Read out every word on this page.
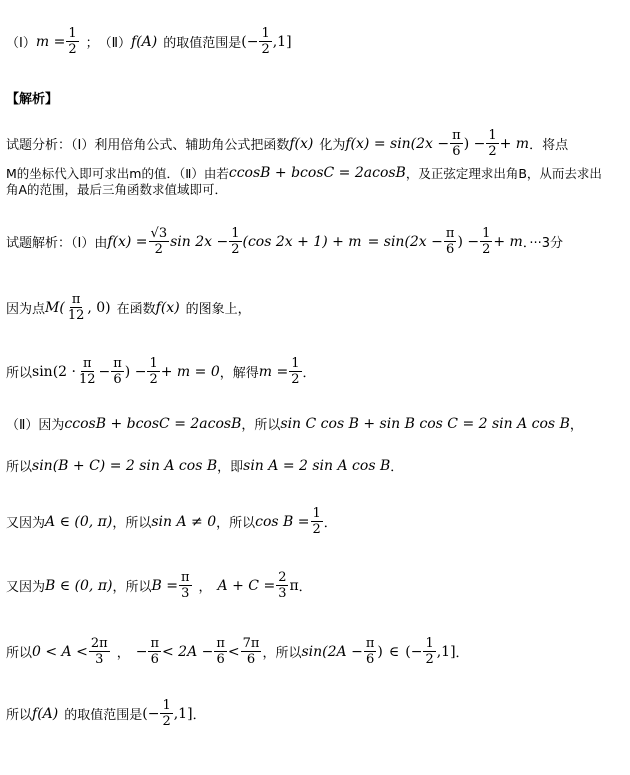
（Ⅰ） $m = \frac{1}{2}$ ； （Ⅱ） f(A) 的取值范围是 (− $\frac{1}{2} ,1$]
【解析】
试题分析：（Ⅰ）利用倍角公式、辅助角公式把函数 f(x) 化为 $f(x) = \sin(2x - \frac{\pi}{6}$ ) − $\frac{1}{2} + m$ ．将点
M的坐标代入即可求出m的值．（Ⅱ）由若 ccosB + bcosC = 2acosB ，及正弦定理求出角B，从而去求出
角A的范围，最后三角函数求值域即可．
试题解析：（Ⅰ）由 $f(x) = \frac{√3}{2}$ $\sin 2x - \frac{1}{2} (\cos$ $2x + 1) + m = \sin(2x - \frac{\pi}{6}$ ) − $\frac{1}{2} + m$ ．···3分
因为点 $M( \frac{\pi}{12}$ , 0) 在函数 f(x) 的图象上，
所以 $\sin(2 \cdot \frac{\pi}{12} - \frac{\pi}{6}$ ) − $\frac{1}{2} + m = 0$ ，解得 $m = \frac{1}{2}$ ．
（Ⅱ）因为 ccosB + bcosC = 2acosB ，所以 sin C cos B + sin B cos C = 2 sin A cos B ，
所以 sin(B + C) = 2 sin A cos B ，即 sin A = 2 sin A cos B ．
又因为 A ∈ (0, π) ，所以 sin A ≠ 0 ，所以 $\cos B = \frac{1}{2}$ ．
又因为 B ∈ (0, π) ，所以 $B = \frac{\pi}{3}$ ， $A + C = \frac{2}{3}$ π ．
所以 $0 < A < \frac{2\pi}{3}$ ， − $\frac{\pi}{6} < 2A - \frac{\pi}{6} < \frac{7\pi}{6}$ ，所以 $\sin(2A - \frac{\pi}{6}$ ) ∈ (− $\frac{1}{2} ,1$] ．
所以 f(A) 的取值范围是 (− $\frac{1}{2} ,1$] ．
